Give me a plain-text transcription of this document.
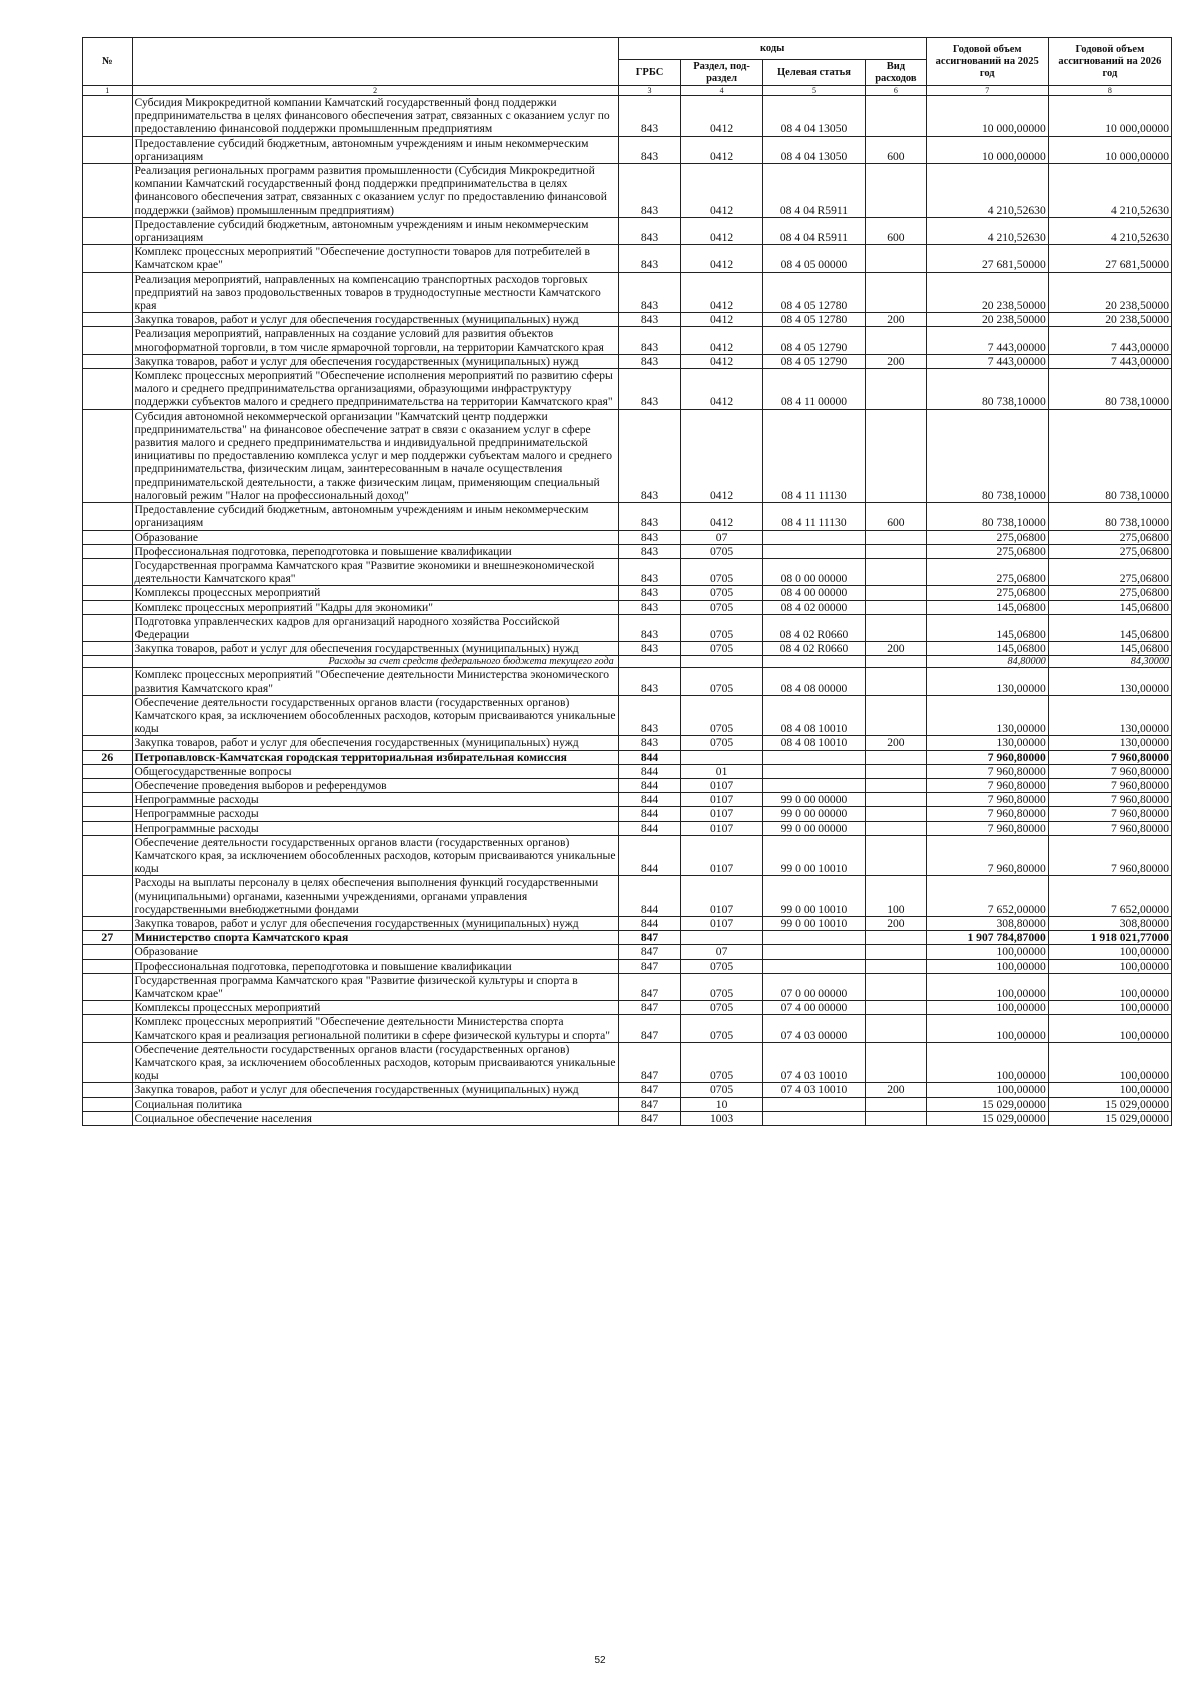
№		коды				Годовой объем ассигнований на 2025 год	Годовой объем ассигнований на 2026 год
		ГРБС	Раздел, под-раздел	Целевая статья	Вид расходов		
1	2	3	4	5	6	7	8
	Субсидия Микрокредитной компании Камчатский государственный фонд поддержки предпринимательства в целях финансового обеспечения затрат, связанных с оказанием услуг по предоставлению финансовой поддержки промышленным предприятиям	843	0412	08 4 04 13050		10 000,00000	10 000,00000
	Предоставление субсидий бюджетным, автономным учреждениям и иным некоммерческим организациям	843	0412	08 4 04 13050	600	10 000,00000	10 000,00000
	Реализация региональных программ развития промышленности (Субсидия Микрокредитной компании Камчатский государственный фонд поддержки предпринимательства в целях финансового обеспечения затрат, связанных с оказанием услуг по предоставлению финансовой поддержки (займов) промышленным предприятиям)	843	0412	08 4 04 R5911		4 210,52630	4 210,52630
	Предоставление субсидий бюджетным, автономным учреждениям и иным некоммерческим организациям	843	0412	08 4 04 R5911	600	4 210,52630	4 210,52630
	Комплекс процессных мероприятий "Обеспечение доступности товаров для потребителей в Камчатском крае"	843	0412	08 4 05 00000		27 681,50000	27 681,50000
	Реализация мероприятий, направленных на компенсацию транспортных расходов торговых предприятий на завоз продовольственных товаров в труднодоступные местности Камчатского края	843	0412	08 4 05 12780		20 238,50000	20 238,50000
	Закупка товаров, работ и услуг для обеспечения государственных (муниципальных) нужд	843	0412	08 4 05 12780	200	20 238,50000	20 238,50000
	Реализация мероприятий, направленных на создание условий для развития объектов многоформатной торговли, в том числе ярмарочной торговли, на территории Камчатского края	843	0412	08 4 05 12790		7 443,00000	7 443,00000
	Закупка товаров, работ и услуг для обеспечения государственных (муниципальных) нужд	843	0412	08 4 05 12790	200	7 443,00000	7 443,00000
	Комплекс процессных мероприятий "Обеспечение исполнения мероприятий по развитию сферы малого и среднего предпринимательства организациями, образующими инфраструктуру поддержки субъектов малого и среднего предпринимательства на территории Камчатского края"	843	0412	08 4 11 00000		80 738,10000	80 738,10000
	Субсидия автономной некоммерческой организации "Камчатский центр поддержки предпринимательства" на финансовое обеспечение затрат в связи с оказанием услуг в сфере развития малого и среднего предпринимательства и индивидуальной предпринимательской инициативы по предоставлению комплекса услуг и мер поддержки субъектам малого и среднего предпринимательства, физическим лицам, заинтересованным в начале осуществления предпринимательской деятельности, а также физическим лицам, применяющим специальный налоговый режим "Налог на профессиональный доход"	843	0412	08 4 11 11130		80 738,10000	80 738,10000
	Предоставление субсидий бюджетным, автономным учреждениям и иным некоммерческим организациям	843	0412	08 4 11 11130	600	80 738,10000	80 738,10000
	Образование	843	07			275,06800	275,06800
	Профессиональная подготовка, переподготовка и повышение квалификации	843	0705			275,06800	275,06800
	Государственная программа Камчатского края "Развитие экономики и внешнеэкономической деятельности Камчатского края"	843	0705	08 0 00 00000		275,06800	275,06800
	Комплексы процессных мероприятий	843	0705	08 4 00 00000		275,06800	275,06800
	Комплекс процессных мероприятий "Кадры для экономики"	843	0705	08 4 02 00000		145,06800	145,06800
	Подготовка управленческих кадров для организаций народного хозяйства Российской Федерации	843	0705	08 4 02 R0660		145,06800	145,06800
	Закупка товаров, работ и услуг для обеспечения государственных (муниципальных) нужд	843	0705	08 4 02 R0660	200	145,06800	145,06800
	Расходы за счет средств федерального бюджета текущего года					84,80000	84,30000
	Комплекс процессных мероприятий "Обеспечение деятельности Министерства экономического развития Камчатского края"	843	0705	08 4 08 00000		130,00000	130,00000
	Обеспечение деятельности государственных органов власти (государственных органов) Камчатского края, за исключением обособленных расходов, которым присваиваются уникальные коды	843	0705	08 4 08 10010		130,00000	130,00000
	Закупка товаров, работ и услуг для обеспечения государственных (муниципальных) нужд	843	0705	08 4 08 10010	200	130,00000	130,00000
26	Петропавловск-Камчатская городская территориальная избирательная комиссия	844				7 960,80000	7 960,80000
	Общегосударственные вопросы	844	01			7 960,80000	7 960,80000
	Обеспечение проведения выборов и референдумов	844	0107			7 960,80000	7 960,80000
	Непрограммные расходы	844	0107	99 0 00 00000		7 960,80000	7 960,80000
	Непрограммные расходы	844	0107	99 0 00 00000		7 960,80000	7 960,80000
	Непрограммные расходы	844	0107	99 0 00 00000		7 960,80000	7 960,80000
	Обеспечение деятельности государственных органов власти (государственных органов) Камчатского края, за исключением обособленных расходов, которым присваиваются уникальные коды	844	0107	99 0 00 10010		7 960,80000	7 960,80000
	Расходы на выплаты персоналу в целях обеспечения выполнения функций государственными (муниципальными) органами, казенными учреждениями, органами управления государственными внебюджетными фондами	844	0107	99 0 00 10010	100	7 652,00000	7 652,00000
	Закупка товаров, работ и услуг для обеспечения государственных (муниципальных) нужд	844	0107	99 0 00 10010	200	308,80000	308,80000
27	Министерство спорта Камчатского края	847				1 907 784,87000	1 918 021,77000
	Образование	847	07			100,00000	100,00000
	Профессиональная подготовка, переподготовка и повышение квалификации	847	0705			100,00000	100,00000
	Государственная программа Камчатского края "Развитие физической культуры и спорта в Камчатском крае"	847	0705	07 0 00 00000		100,00000	100,00000
	Комплексы процессных мероприятий	847	0705	07 4 00 00000		100,00000	100,00000
	Комплекс процессных мероприятий "Обеспечение деятельности Министерства спорта Камчатского края и реализация региональной политики в сфере физической культуры и спорта"	847	0705	07 4 03 00000		100,00000	100,00000
	Обеспечение деятельности государственных органов власти (государственных органов) Камчатского края, за исключением обособленных расходов, которым присваиваются уникальные коды	847	0705	07 4 03 10010		100,00000	100,00000
	Закупка товаров, работ и услуг для обеспечения государственных (муниципальных) нужд	847	0705	07 4 03 10010	200	100,00000	100,00000
	Социальная политика	847	10			15 029,00000	15 029,00000
	Социальное обеспечение населения	847	1003			15 029,00000	15 029,00000
52
